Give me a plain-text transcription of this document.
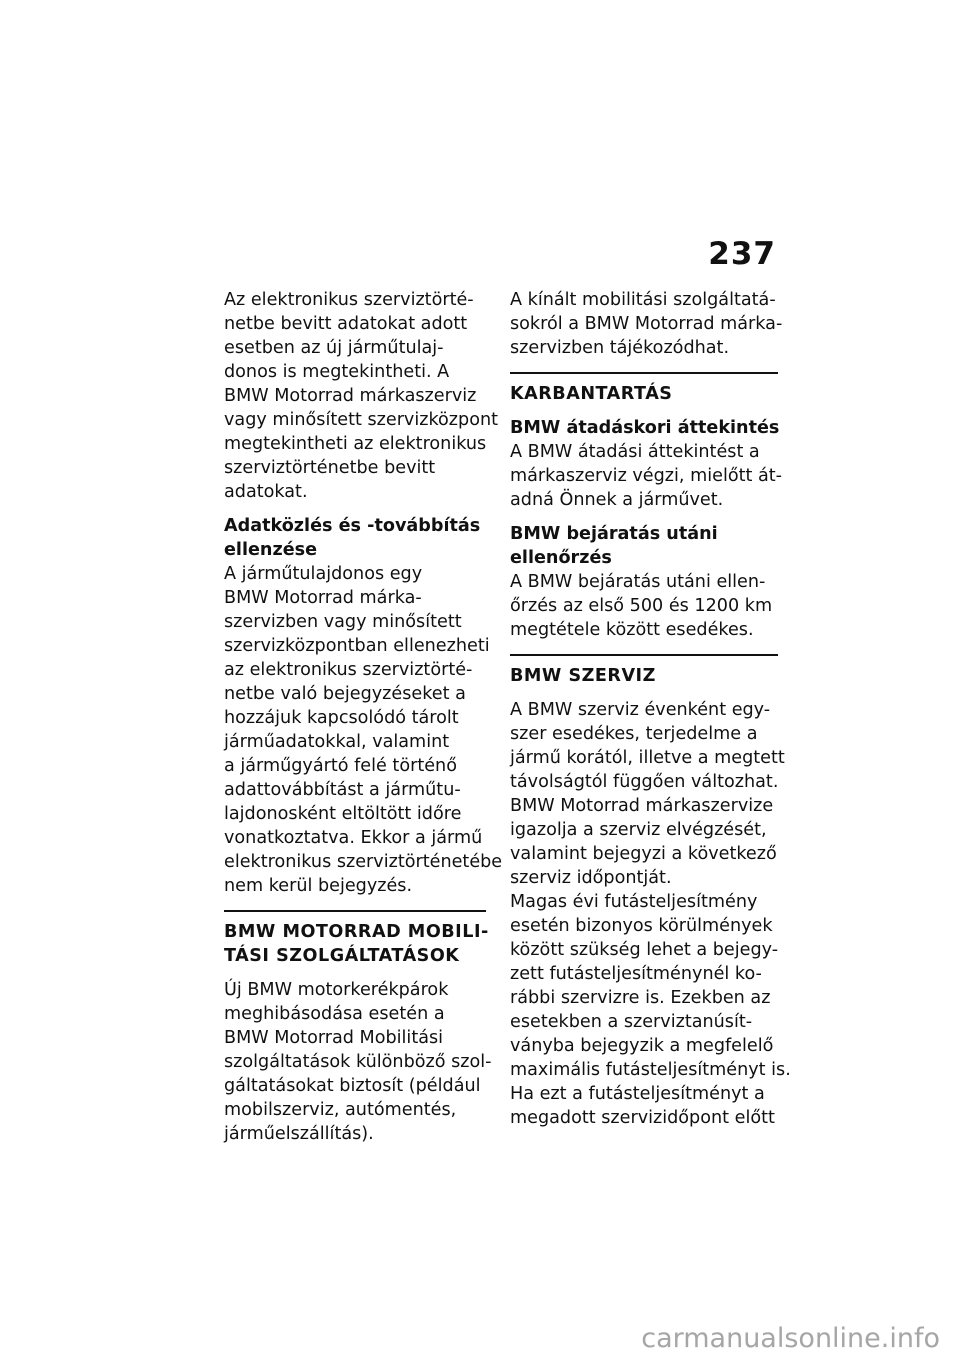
237

Az elektronikus szerviztörté-
netbe bevitt adatokat adott
esetben az új járműtulaj-
donos is megtekintheti. A
BMW Motorrad márkaszerviz
vagy minősített szervizközpont
megtekintheti az elektronikus
szerviztörténetbe bevitt
adatokat.

Adatközlés és -továbbítás
ellenzése

A járműtulajdonos egy
BMW Motorrad márka-
szervizben vagy minősített
szervizközpontban ellenezheti
az elektronikus szerviztörté-
netbe való bejegyzéseket a
hozzájuk kapcsolódó tárolt
járműadatokkal, valamint
a járműgyártó felé történő
adattovábbítást a járműtu-
lajdonosként eltöltött időre
vonatkoztatva. Ekkor a jármű
elektronikus szerviztörténetébe
nem kerül bejegyzés.

BMW MOTORRAD MOBILI-
TÁSI SZOLGÁLTATÁSOK

Új BMW motorkerékpárok
meghibásodása esetén a
BMW Motorrad Mobilitási
szolgáltatások különböző szol-
gáltatásokat biztosít (például
mobilszerviz, autómentés,
járműelszállítás).

A kínált mobilitási szolgáltatá-
sokról a BMW Motorrad márka-
szervizben tájékozódhat.

KARBANTARTÁS

BMW átadáskori áttekintés

A BMW átadási áttekintést a
márkaszerviz végzi, mielőtt át-
adná Önnek a járművet.

BMW bejáratás utáni
ellenőrzés

A BMW bejáratás utáni ellen-
őrzés az első 500 és 1200 km
megtétele között esedékes.

BMW SZERVIZ

A BMW szerviz évenként egy-
szer esedékes, terjedelme a
jármű korától, illetve a megtett
távolságtól függően változhat.
BMW Motorrad márkaszervize
igazolja a szerviz elvégzését,
valamint bejegyzi a következő
szerviz időpontját.
Magas évi futásteljesítmény
esetén bizonyos körülmények
között szükség lehet a bejegy-
zett futásteljesítménynél ko-
rábbi szervizre is. Ezekben az
esetekben a szerviztanúsít-
ványba bejegyzik a megfelelő
maximális futásteljesítményt is.
Ha ezt a futásteljesítményt a
megadott szervizidőpont előtt

carmanualsonline.info
